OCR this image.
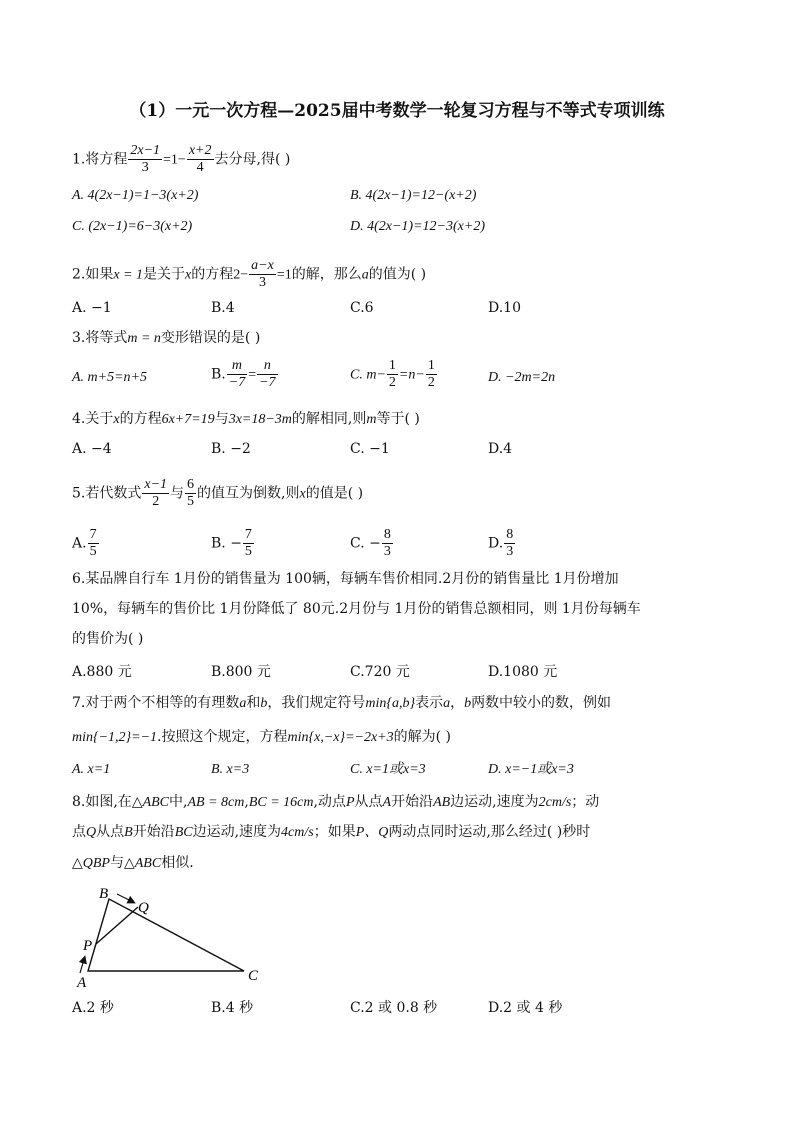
（1）一元一次方程—2025届中考数学一轮复习方程与不等式专项训练
1.将方程 $\frac{2x-1}{3} =1- \frac{x+2}{4}$ 去分母,得( )
A. 4(2x−1)=1−3(x+2)	B. 4(2x−1)=12−(x+2)
C. (2x−1)=6−3(x+2)	D. 4(2x−1)=12−3(x+2)
2.如果x = 1是关于x的方程$2- \frac{a-x}{3} =1$的解，那么a的值为( )
A. −1	B.4	C.6	D.10
3.将等式m = n变形错误的是( )
A. m+5=n+5	B. $\frac{m}{-7} = \frac{n}{-7}$	C. $m- \frac{1}{2} =n- \frac{1}{2}$	D. −2m=2n
4.关于x的方程6x+7=19与3x=18−3m的解相同,则m等于( )
A. −4	B. −2	C. −1	D.4
5.若代数式 $\frac{x-1}{2}$ 与 $\frac{6}{5}$ 的值互为倒数,则x的值是( )
A. $\frac{7}{5}$	B. − $\frac{7}{5}$	C. − $\frac{8}{3}$	D. $\frac{8}{3}$
6.某品牌自行车 1月份的销售量为 100辆，每辆车售价相同.2月份的销售量比 1月份增加
10%，每辆车的售价比 1月份降低了 80元.2月份与 1月份的销售总额相同，则 1月份每辆车
的售价为( )
A.880 元	B.800 元	C.720 元	D.1080 元
7.对于两个不相等的有理数a和b，我们规定符号min{a,b}表示a，b两数中较小的数，例如
min{−1,2}=−1.按照这个规定，方程min{x,−x}=−2x+3的解为( )
A. x=1	B. x=3	C. x=1或x=3	D. x=−1或x=3
8.如图,在△ABC中,AB = 8cm,BC = 16cm,动点P从点A开始沿AB边运动,速度为2cm/s；动
点Q从点B开始沿BC边运动,速度为4cm/s；如果P、Q两动点同时运动,那么经过( )秒时
△QBP与△ABC相似.
B
Q
P
A	C
A.2 秒	B.4 秒	C.2 或 0.8 秒	D.2 或 4 秒
